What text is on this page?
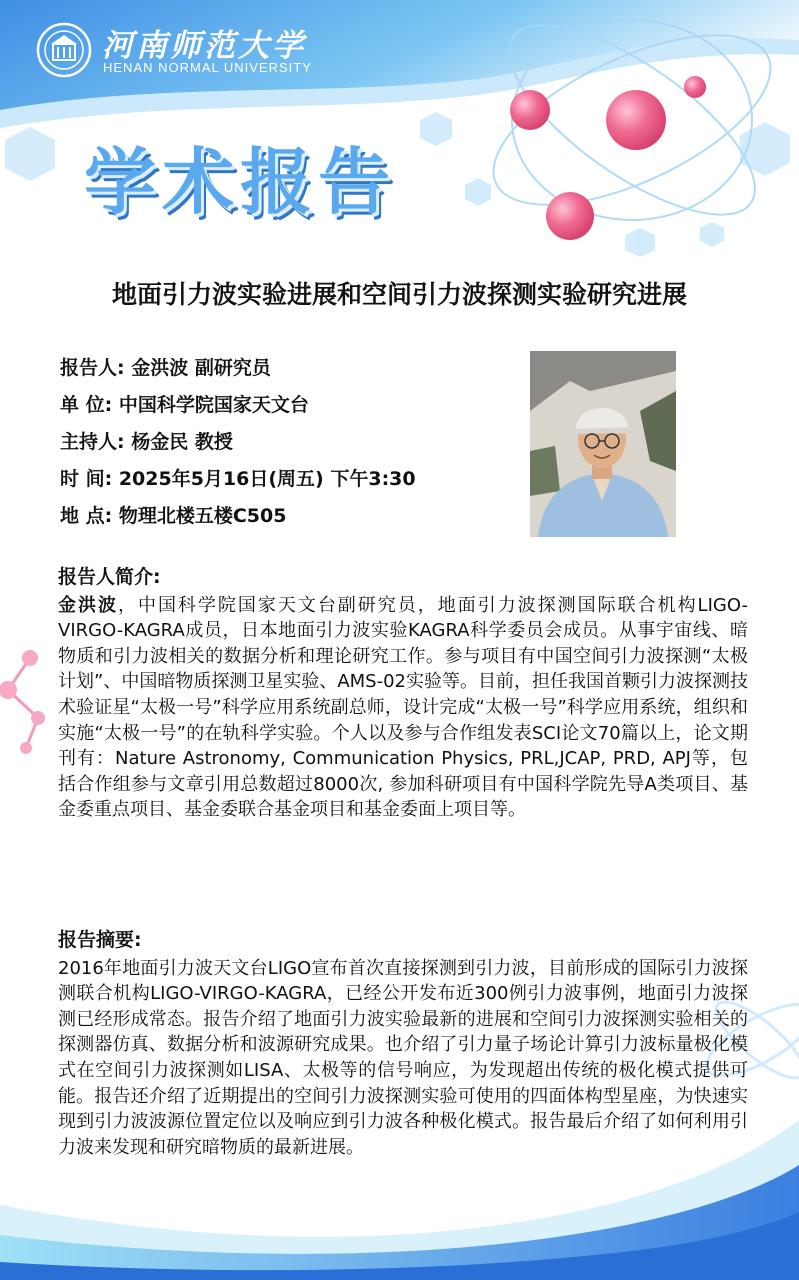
河南师范大学
HENAN NORMAL UNIVERSITY
学术报告
地面引力波实验进展和空间引力波探测实验研究进展
报告人: 金洪波 副研究员
单 位: 中国科学院国家天文台
主持人: 杨金民 教授
时 间: 2025年5月16日(周五) 下午3:30
地 点: 物理北楼五楼C505
报告人简介:
金洪波，中国科学院国家天文台副研究员，地面引力波探测国际联合机构LIGO-VIRGO-KAGRA成员，日本地面引力波实验KAGRA科学委员会成员。从事宇宙线、暗物质和引力波相关的数据分析和理论研究工作。参与项目有中国空间引力波探测“太极计划”、中国暗物质探测卫星实验、AMS-02实验等。目前，担任我国首颗引力波探测技术验证星“太极一号”科学应用系统副总师，设计完成“太极一号”科学应用系统，组织和实施“太极一号”的在轨科学实验。个人以及参与合作组发表SCI论文70篇以上，论文期刊有：Nature Astronomy, Communication Physics, PRL,JCAP, PRD, APJ等，包括合作组参与文章引用总数超过8000次, 参加科研项目有中国科学院先导A类项目、基金委重点项目、基金委联合基金项目和基金委面上项目等。
报告摘要:
2016年地面引力波天文台LIGO宣布首次直接探测到引力波，目前形成的国际引力波探测联合机构LIGO-VIRGO-KAGRA，已经公开发布近300例引力波事例，地面引力波探测已经形成常态。报告介绍了地面引力波实验最新的进展和空间引力波探测实验相关的探测器仿真、数据分析和波源研究成果。也介绍了引力量子场论计算引力波标量极化模式在空间引力波探测如LISA、太极等的信号响应，为发现超出传统的极化模式提供可能。报告还介绍了近期提出的空间引力波探测实验可使用的四面体构型星座，为快速实现到引力波波源位置定位以及响应到引力波各种极化模式。报告最后介绍了如何利用引力波来发现和研究暗物质的最新进展。
